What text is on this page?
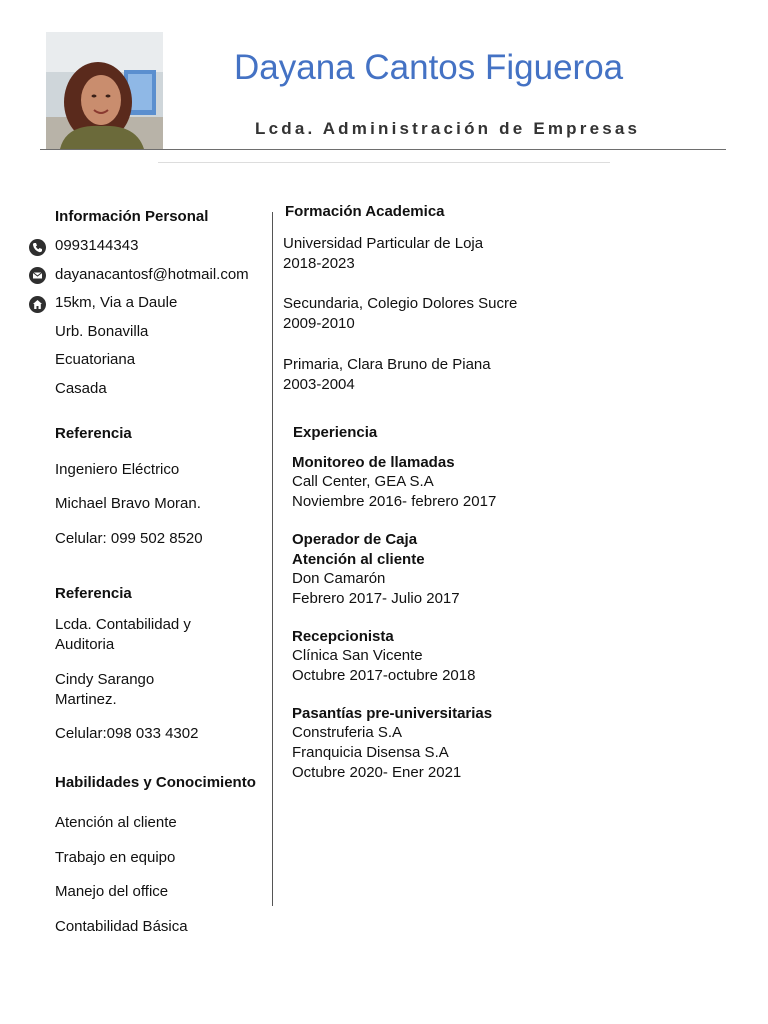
Dayana Cantos Figueroa
Lcda. Administración de Empresas
Información Personal
0993144343
dayanacantosf@hotmail.com
15km, Via a Daule
Urb. Bonavilla
Ecuatoriana
Casada
Referencia
Ingeniero Eléctrico
Michael Bravo Moran.
Celular: 099 502 8520
Referencia
Lcda. Contabilidad y
Auditoria
Cindy Sarango
Martinez.
Celular:098 033 4302
Habilidades y Conocimiento
Atención al cliente
Trabajo en equipo
Manejo del office
Contabilidad Básica
Formación Academica
Universidad Particular de Loja
2018-2023
Secundaria, Colegio Dolores Sucre
2009-2010
Primaria, Clara Bruno de Piana
2003-2004
Experiencia
Monitoreo de llamadas
Call Center, GEA S.A
Noviembre 2016- febrero 2017
Operador de Caja
Atención al cliente
Don Camarón
Febrero 2017- Julio 2017
Recepcionista
Clínica San Vicente
Octubre 2017-octubre 2018
Pasantías pre-universitarias
Construferia S.A
Franquicia Disensa S.A
Octubre 2020- Ener 2021
